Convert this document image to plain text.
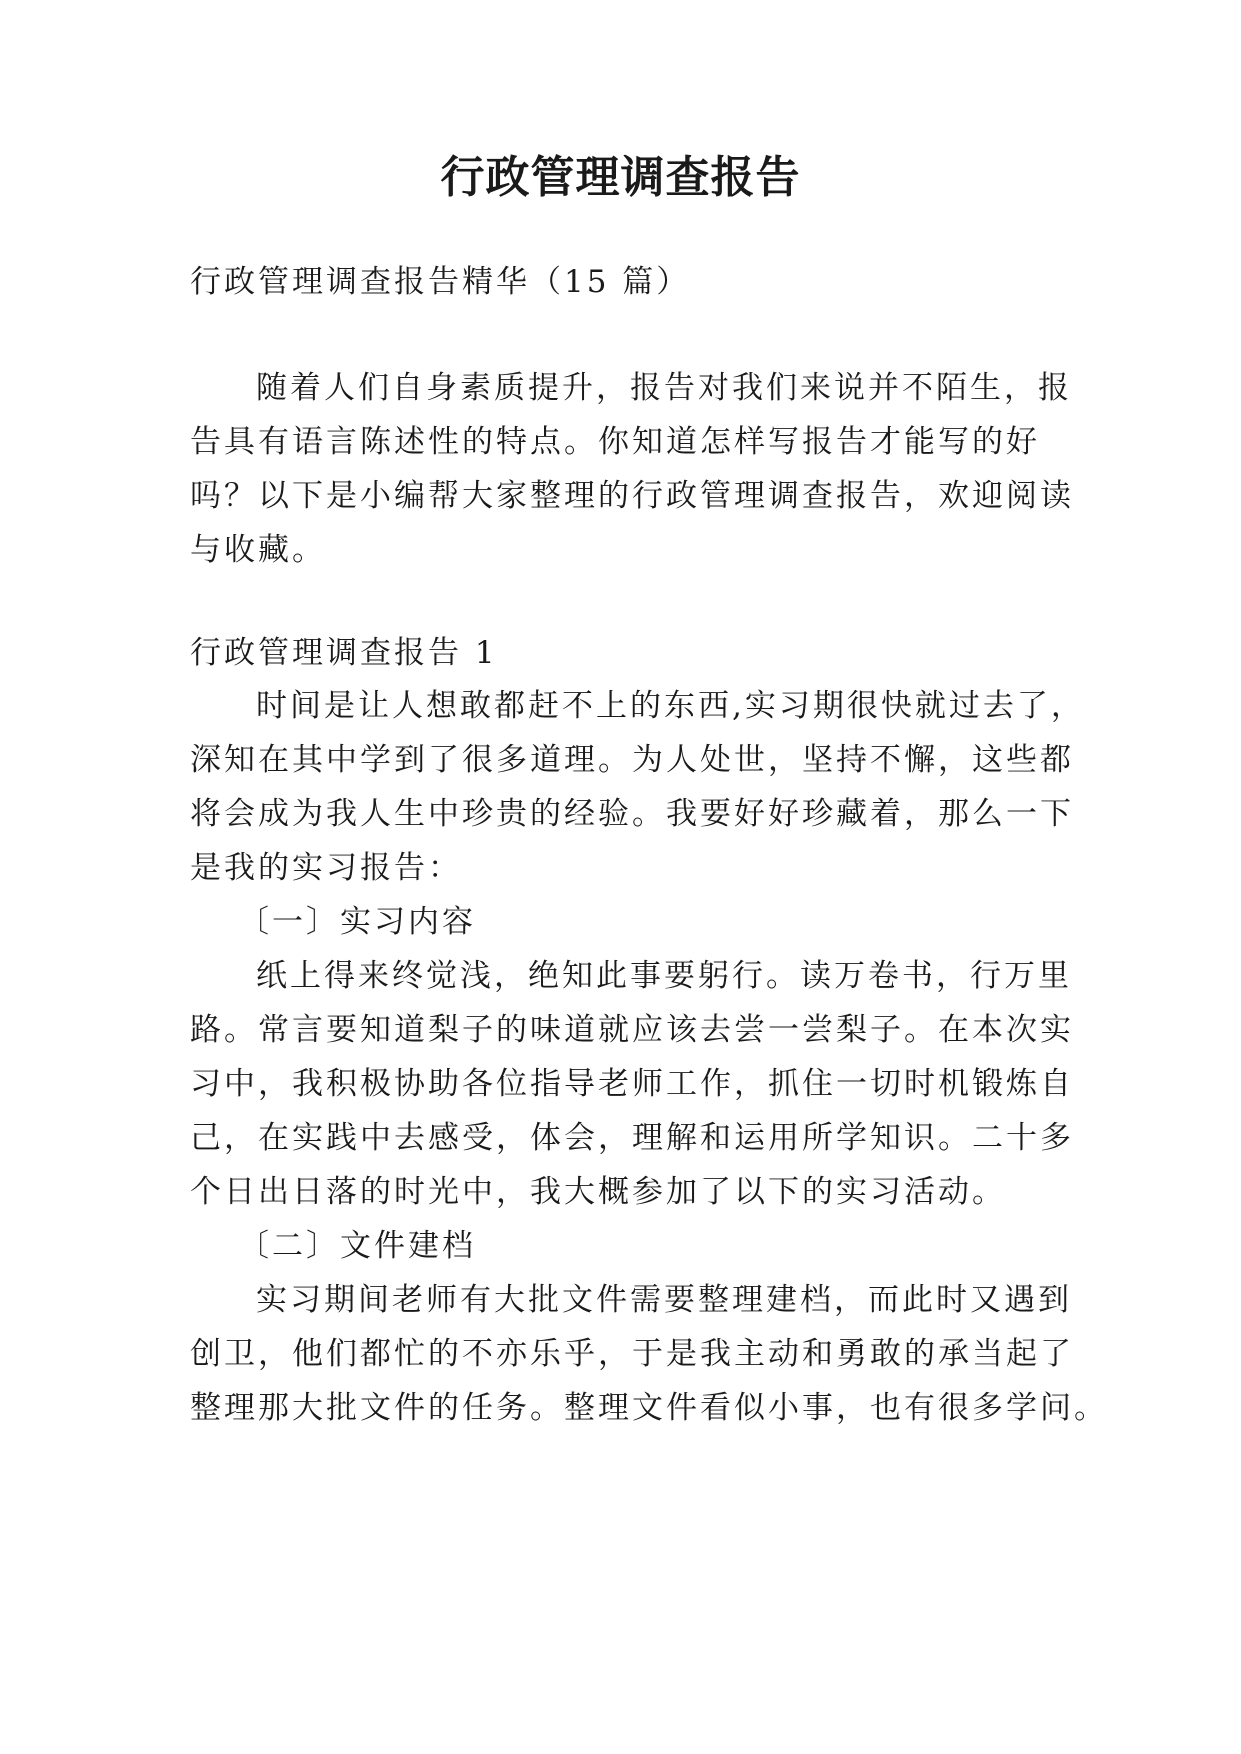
行政管理调查报告
行政管理调查报告精华（15 篇）
随着人们自身素质提升，报告对我们来说并不陌生，报
告具有语言陈述性的特点。你知道怎样写报告才能写的好
吗？以下是小编帮大家整理的行政管理调查报告，欢迎阅读
与收藏。
行政管理调查报告 1
时间是让人想敢都赶不上的东西,实习期很快就过去了，
深知在其中学到了很多道理。为人处世，坚持不懈，这些都
将会成为我人生中珍贵的经验。我要好好珍藏着，那么一下
是我的实习报告：
〔一〕实习内容
纸上得来终觉浅，绝知此事要躬行。读万卷书，行万里
路。常言要知道梨子的味道就应该去尝一尝梨子。在本次实
习中，我积极协助各位指导老师工作，抓住一切时机锻炼自
己，在实践中去感受，体会，理解和运用所学知识。二十多
个日出日落的时光中，我大概参加了以下的实习活动。
〔二〕文件建档
实习期间老师有大批文件需要整理建档，而此时又遇到
创卫，他们都忙的不亦乐乎，于是我主动和勇敢的承当起了
整理那大批文件的任务。整理文件看似小事，也有很多学问。
